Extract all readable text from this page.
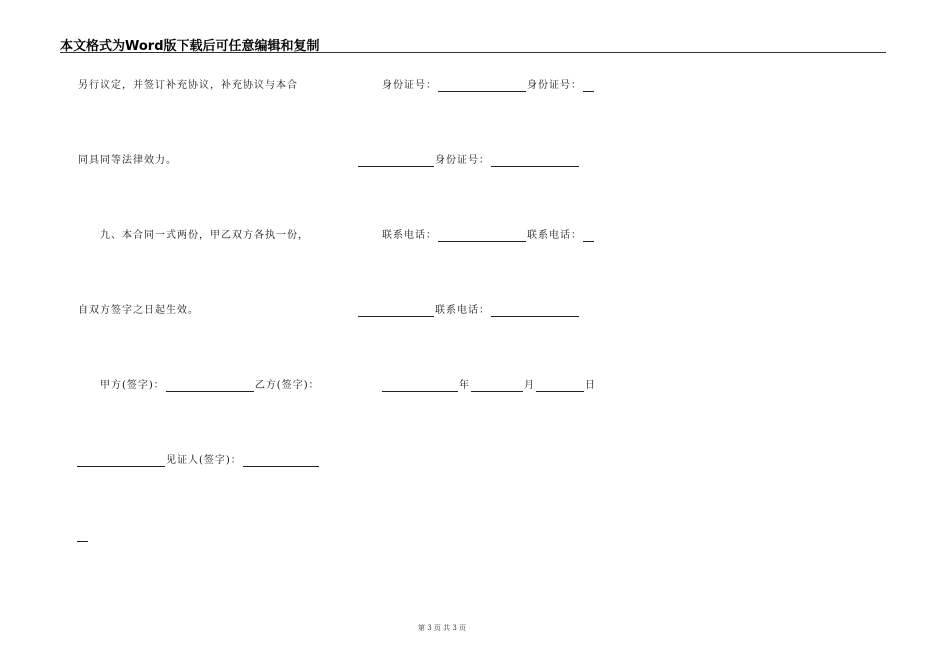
本文格式为Word版下载后可任意编辑和复制
另行议定，并签订补充协议，补充协议与本合
同具同等法律效力。
九、本合同一式两份，甲乙双方各执一份，
自双方签字之日起生效。
甲方(签字)：	乙方(签字)：
见证人(签字)：
身份证号：	身份证号：
身份证号：
联系电话：	联系电话：
联系电话：
年	月	日
第 3 页 共 3 页
